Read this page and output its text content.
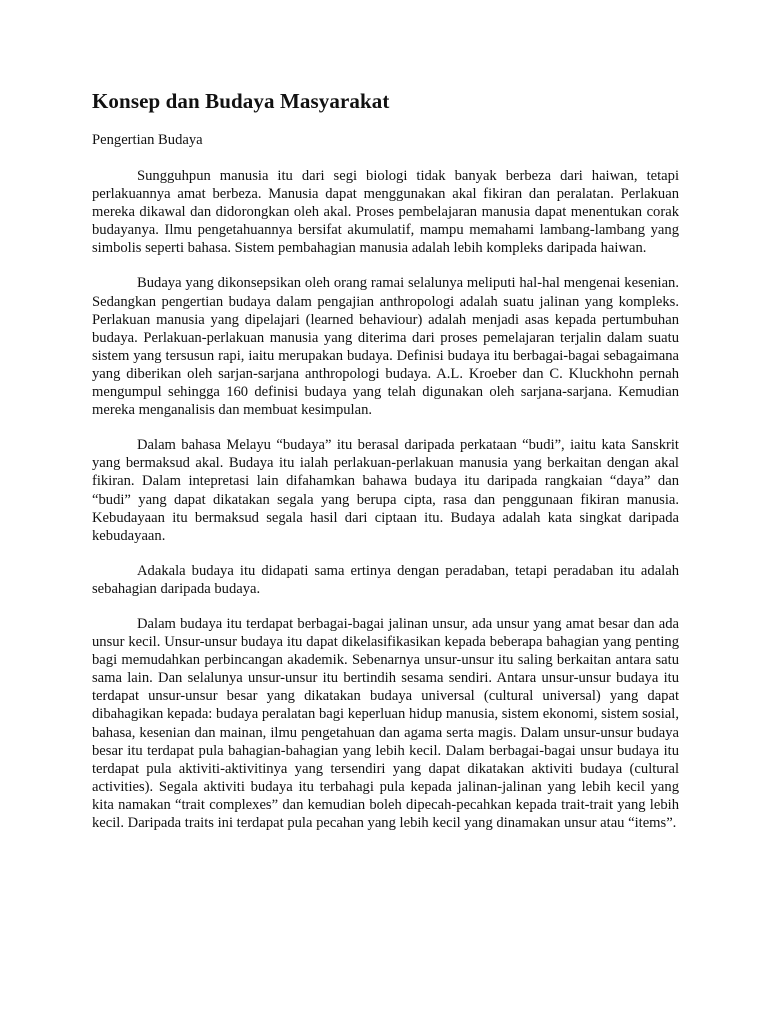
Konsep dan Budaya Masyarakat

Pengertian Budaya

Sungguhpun manusia itu dari segi biologi tidak banyak berbeza dari haiwan, tetapi perlakuannya amat berbeza. Manusia dapat menggunakan akal fikiran dan peralatan. Perlakuan mereka dikawal dan didorongkan oleh akal. Proses pembelajaran manusia dapat menentukan corak budayanya. Ilmu pengetahuannya bersifat akumulatif, mampu memahami lambang-lambang yang simbolis seperti bahasa. Sistem pembahagian manusia adalah lebih kompleks daripada haiwan.

Budaya yang dikonsepsikan oleh orang ramai selalunya meliputi hal-hal mengenai kesenian. Sedangkan pengertian budaya dalam pengajian anthropologi adalah suatu jalinan yang kompleks. Perlakuan manusia yang dipelajari (learned behaviour) adalah menjadi asas kepada pertumbuhan budaya. Perlakuan-perlakuan manusia yang diterima dari proses pemelajaran terjalin dalam suatu sistem yang tersusun rapi, iaitu merupakan budaya. Definisi budaya itu berbagai-bagai sebagaimana yang diberikan oleh sarjan-sarjana anthropologi budaya. A.L. Kroeber dan C. Kluckhohn pernah mengumpul sehingga 160 definisi budaya yang telah digunakan oleh sarjana-sarjana. Kemudian mereka menganalisis dan membuat kesimpulan.

Dalam bahasa Melayu “budaya” itu berasal daripada perkataan “budi”, iaitu kata Sanskrit yang bermaksud akal. Budaya itu ialah perlakuan-perlakuan manusia yang berkaitan dengan akal fikiran. Dalam intepretasi lain difahamkan bahawa budaya itu daripada rangkaian “daya” dan “budi” yang dapat dikatakan segala yang berupa cipta, rasa dan penggunaan fikiran manusia. Kebudayaan itu bermaksud segala hasil dari ciptaan itu. Budaya adalah kata singkat daripada kebudayaan.

Adakala budaya itu didapati sama ertinya dengan peradaban, tetapi peradaban itu adalah sebahagian daripada budaya.

Dalam budaya itu terdapat berbagai-bagai jalinan unsur, ada unsur yang amat besar dan ada unsur kecil. Unsur-unsur budaya itu dapat dikelasifikasikan kepada beberapa bahagian yang penting bagi memudahkan perbincangan akademik. Sebenarnya unsur-unsur itu saling berkaitan antara satu sama lain. Dan selalunya unsur-unsur itu bertindih sesama sendiri. Antara unsur-unsur budaya itu terdapat unsur-unsur besar yang dikatakan budaya universal (cultural universal) yang dapat dibahagikan kepada: budaya peralatan bagi keperluan hidup manusia, sistem ekonomi, sistem sosial, bahasa, kesenian dan mainan, ilmu pengetahuan dan agama serta magis. Dalam unsur-unsur budaya besar itu terdapat pula bahagian-bahagian yang lebih kecil. Dalam berbagai-bagai unsur budaya itu terdapat pula aktiviti-aktivitinya yang tersendiri yang dapat dikatakan aktiviti budaya (cultural activities). Segala aktiviti budaya itu terbahagi pula kepada jalinan-jalinan yang lebih kecil yang kita namakan “trait complexes” dan kemudian boleh dipecah-pecahkan kepada trait-trait yang lebih kecil. Daripada traits ini terdapat pula pecahan yang lebih kecil yang dinamakan unsur atau “items”.
